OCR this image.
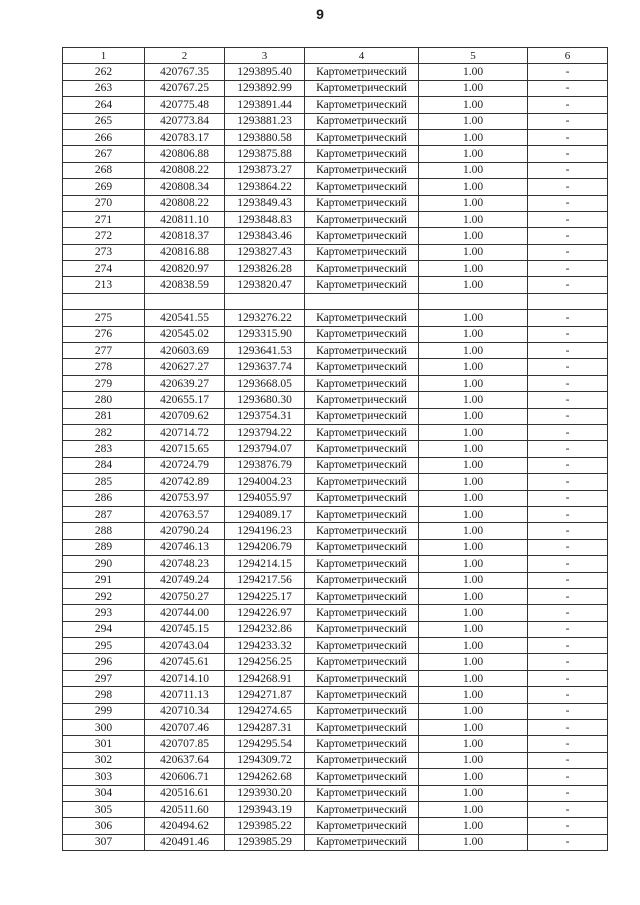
9
1	2	3	4	5	6
262	420767.35	1293895.40	Картометрический	1.00	-
263	420767.25	1293892.99	Картометрический	1.00	-
264	420775.48	1293891.44	Картометрический	1.00	-
265	420773.84	1293881.23	Картометрический	1.00	-
266	420783.17	1293880.58	Картометрический	1.00	-
267	420806.88	1293875.88	Картометрический	1.00	-
268	420808.22	1293873.27	Картометрический	1.00	-
269	420808.34	1293864.22	Картометрический	1.00	-
270	420808.22	1293849.43	Картометрический	1.00	-
271	420811.10	1293848.83	Картометрический	1.00	-
272	420818.37	1293843.46	Картометрический	1.00	-
273	420816.88	1293827.43	Картометрический	1.00	-
274	420820.97	1293826.28	Картометрический	1.00	-
213	420838.59	1293820.47	Картометрический	1.00	-

275	420541.55	1293276.22	Картометрический	1.00	-
276	420545.02	1293315.90	Картометрический	1.00	-
277	420603.69	1293641.53	Картометрический	1.00	-
278	420627.27	1293637.74	Картометрический	1.00	-
279	420639.27	1293668.05	Картометрический	1.00	-
280	420655.17	1293680.30	Картометрический	1.00	-
281	420709.62	1293754.31	Картометрический	1.00	-
282	420714.72	1293794.22	Картометрический	1.00	-
283	420715.65	1293794.07	Картометрический	1.00	-
284	420724.79	1293876.79	Картометрический	1.00	-
285	420742.89	1294004.23	Картометрический	1.00	-
286	420753.97	1294055.97	Картометрический	1.00	-
287	420763.57	1294089.17	Картометрический	1.00	-
288	420790.24	1294196.23	Картометрический	1.00	-
289	420746.13	1294206.79	Картометрический	1.00	-
290	420748.23	1294214.15	Картометрический	1.00	-
291	420749.24	1294217.56	Картометрический	1.00	-
292	420750.27	1294225.17	Картометрический	1.00	-
293	420744.00	1294226.97	Картометрический	1.00	-
294	420745.15	1294232.86	Картометрический	1.00	-
295	420743.04	1294233.32	Картометрический	1.00	-
296	420745.61	1294256.25	Картометрический	1.00	-
297	420714.10	1294268.91	Картометрический	1.00	-
298	420711.13	1294271.87	Картометрический	1.00	-
299	420710.34	1294274.65	Картометрический	1.00	-
300	420707.46	1294287.31	Картометрический	1.00	-
301	420707.85	1294295.54	Картометрический	1.00	-
302	420637.64	1294309.72	Картометрический	1.00	-
303	420606.71	1294262.68	Картометрический	1.00	-
304	420516.61	1293930.20	Картометрический	1.00	-
305	420511.60	1293943.19	Картометрический	1.00	-
306	420494.62	1293985.22	Картометрический	1.00	-
307	420491.46	1293985.29	Картометрический	1.00	-
